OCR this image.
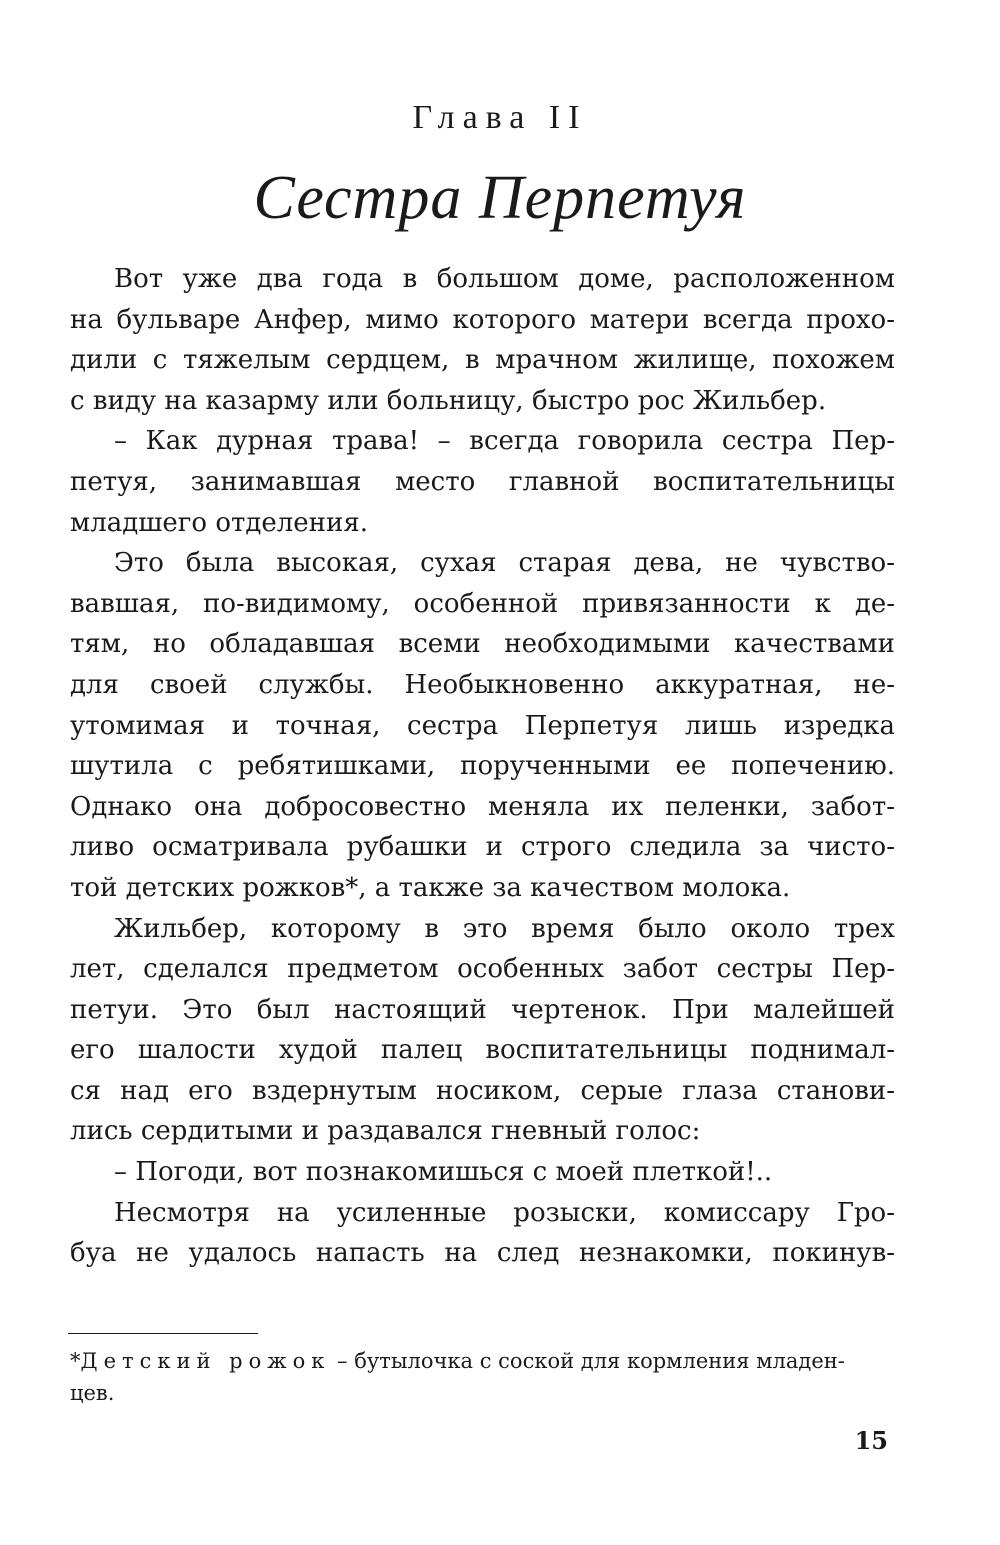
Глава II
Сестра Перпетуя
Вот уже два года в большом доме, расположенном
на бульваре Анфер, мимо которого матери всегда прохо-
дили с тяжелым сердцем, в мрачном жилище, похожем
с виду на казарму или больницу, быстро рос Жильбер.
– Как дурная трава! – всегда говорила сестра Пер-
петуя, занимавшая место главной воспитательницы
младшего отделения.
Это была высокая, сухая старая дева, не чувство-
вавшая, по-видимому, особенной привязанности к де-
тям, но обладавшая всеми необходимыми качествами
для своей службы. Необыкновенно аккуратная, не-
утомимая и точная, сестра Перпетуя лишь изредка
шутила с ребятишками, порученными ее попечению.
Однако она добросовестно меняла их пеленки, забот-
ливо осматривала рубашки и строго следила за чисто-
той детских рожков*, а также за качеством молока.
Жильбер, которому в это время было около трех
лет, сделался предметом особенных забот сестры Пер-
петуи. Это был настоящий чертенок. При малейшей
его шалости худой палец воспитательницы поднимал-
ся над его вздернутым носиком, серые глаза станови-
лись сердитыми и раздавался гневный голос:
– Погоди, вот познакомишься с моей плеткой!..
Несмотря на усиленные розыски, комиссару Гро-
буа не удалось напасть на след незнакомки, покинув-
*Детский рожок – бутылочка с соской для кормления младен-
цев.
15
